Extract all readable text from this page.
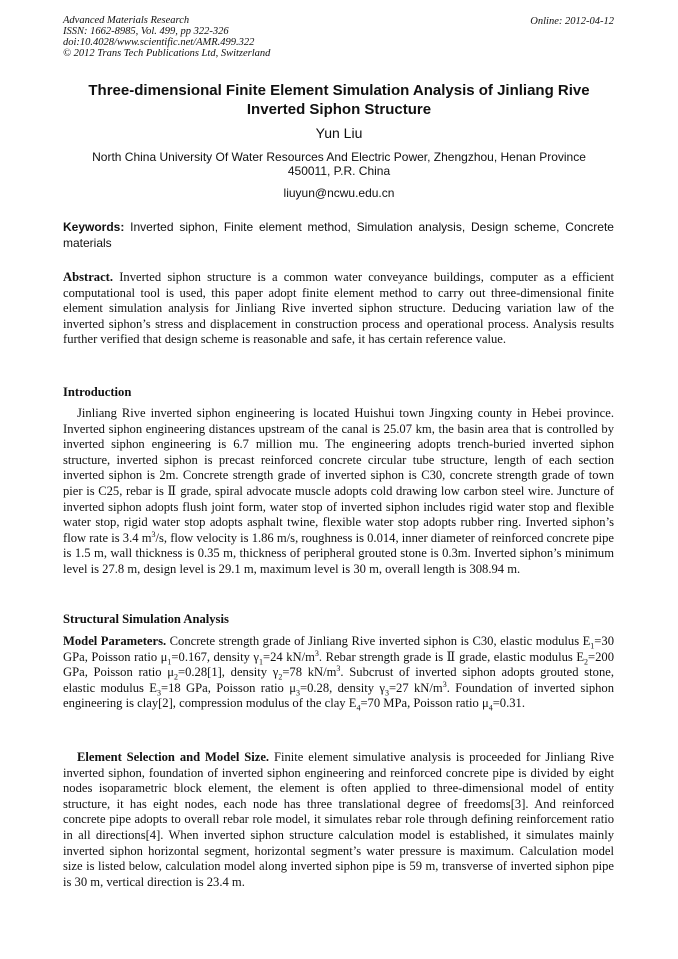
Advanced Materials Research
ISSN: 1662-8985, Vol. 499, pp 322-326
doi:10.4028/www.scientific.net/AMR.499.322
© 2012 Trans Tech Publications Ltd, Switzerland
Online: 2012-04-12
Three-dimensional Finite Element Simulation Analysis of Jinliang Rive
Inverted Siphon Structure
Yun Liu
North China University Of Water Resources And Electric Power, Zhengzhou, Henan Province
450011, P.R. China
liuyun@ncwu.edu.cn
Keywords: Inverted siphon, Finite element method, Simulation analysis, Design scheme, Concrete materials
Abstract. Inverted siphon structure is a common water conveyance buildings, computer as a efficient computational tool is used, this paper adopt finite element method to carry out three-dimensional finite element simulation analysis for Jinliang Rive inverted siphon structure. Deducing variation law of the inverted siphon’s stress and displacement in construction process and operational process. Analysis results further verified that design scheme is reasonable and safe, it has certain reference value.
Introduction
Jinliang Rive inverted siphon engineering is located Huishui town Jingxing county in Hebei province. Inverted siphon engineering distances upstream of the canal is 25.07 km, the basin area that is controlled by inverted siphon engineering is 6.7 million mu. The engineering adopts trench-buried inverted siphon structure, inverted siphon is precast reinforced concrete circular tube structure, length of each section inverted siphon is 2m. Concrete strength grade of inverted siphon is C30, concrete strength grade of town pier is C25, rebar is Ⅱ grade, spiral advocate muscle adopts cold drawing low carbon steel wire. Juncture of inverted siphon adopts flush joint form, water stop of inverted siphon includes rigid water stop and flexible water stop, rigid water stop adopts asphalt twine, flexible water stop adopts rubber ring. Inverted siphon’s flow rate is 3.4 $m^3/s$, flow velocity is 1.86 m/s, roughness is 0.014, inner diameter of reinforced concrete pipe is 1.5 m, wall thickness is 0.35 m, thickness of peripheral grouted stone is 0.3m. Inverted siphon’s minimum level is 27.8 m, design level is 29.1 m, maximum level is 30 m, overall length is 308.94 m.
Structural Simulation Analysis
Model Parameters. Concrete strength grade of Jinliang Rive inverted siphon is C30, elastic modulus $E_1=30$ GPa, Poisson ratio $\mu_1=0.167$, density $\gamma_1=24$ $kN/m^3$. Rebar strength grade is Ⅱ grade, elastic modulus $E_2=200$ GPa, Poisson ratio $\mu_2=0.28[1]$, density $\gamma_2=78$ $kN/m^3$. Subcrust of inverted siphon adopts grouted stone, elastic modulus $E_3=18$ GPa, Poisson ratio $\mu_3=0.28$, density $\gamma_3=27$ $kN/m^3$. Foundation of inverted siphon engineering is clay[2], compression modulus of the clay $E_4=70$ MPa, Poisson ratio $\mu_4=0.31$.
Element Selection and Model Size. Finite element simulative analysis is proceeded for Jinliang Rive inverted siphon, foundation of inverted siphon engineering and reinforced concrete pipe is divided by eight nodes isoparametric block element, the element is often applied to three-dimensional model of entity structure, it has eight nodes, each node has three translational degree of freedoms[3]. And reinforced concrete pipe adopts to overall rebar role model, it simulates rebar role through defining reinforcement ratio in all directions[4]. When inverted siphon structure calculation model is established, it simulates mainly inverted siphon horizontal segment, horizontal segment’s water pressure is maximum. Calculation model size is listed below, calculation model along inverted siphon pipe is 59 m, transverse of inverted siphon pipe is 30 m, vertical direction is 23.4 m.
